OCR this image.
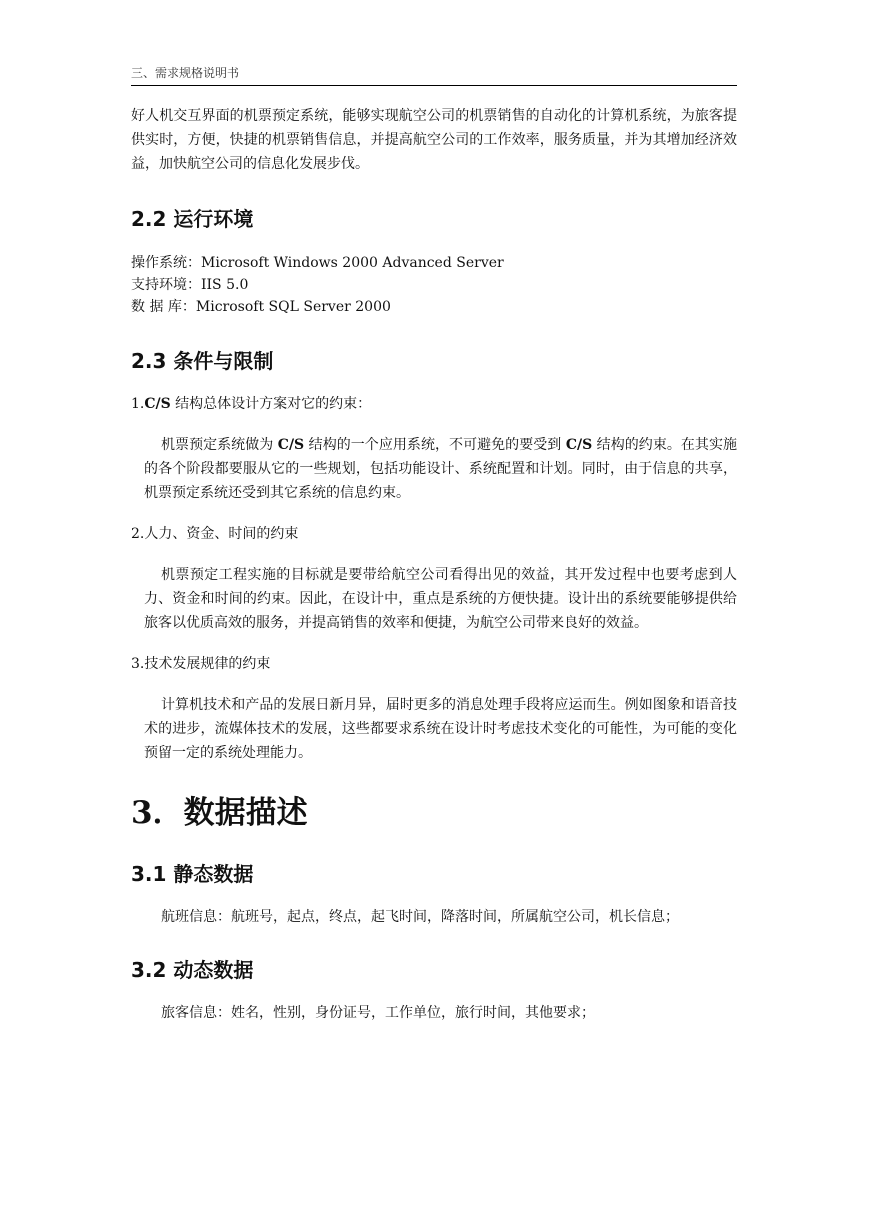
三、需求规格说明书

好人机交互界面的机票预定系统，能够实现航空公司的机票销售的自动化的计算机系统，为旅客提供实时，方便，快捷的机票销售信息，并提高航空公司的工作效率，服务质量，并为其增加经济效益，加快航空公司的信息化发展步伐。

2.2 运行环境

操作系统：Microsoft Windows 2000 Advanced Server

支持环境：IIS 5.0

数 据 库：Microsoft SQL Server 2000

2.3 条件与限制

1.C/S 结构总体设计方案对它的约束：

机票预定系统做为 C/S 结构的一个应用系统，不可避免的要受到 C/S 结构的约束。在其实施的各个阶段都要服从它的一些规划，包括功能设计、系统配置和计划。同时，由于信息的共享，机票预定系统还受到其它系统的信息约束。

2.人力、资金、时间的约束

机票预定工程实施的目标就是要带给航空公司看得出见的效益，其开发过程中也要考虑到人力、资金和时间的约束。因此，在设计中，重点是系统的方便快捷。设计出的系统要能够提供给旅客以优质高效的服务，并提高销售的效率和便捷，为航空公司带来良好的效益。

3.技术发展规律的约束

计算机技术和产品的发展日新月异，届时更多的消息处理手段将应运而生。例如图象和语音技术的进步，流媒体技术的发展，这些都要求系统在设计时考虑技术变化的可能性，为可能的变化预留一定的系统处理能力。

3．数据描述
3.1 静态数据

航班信息：航班号，起点，终点，起飞时间，降落时间，所属航空公司，机长信息；

3.2 动态数据

旅客信息：姓名，性别，身份证号，工作单位，旅行时间，其他要求；
